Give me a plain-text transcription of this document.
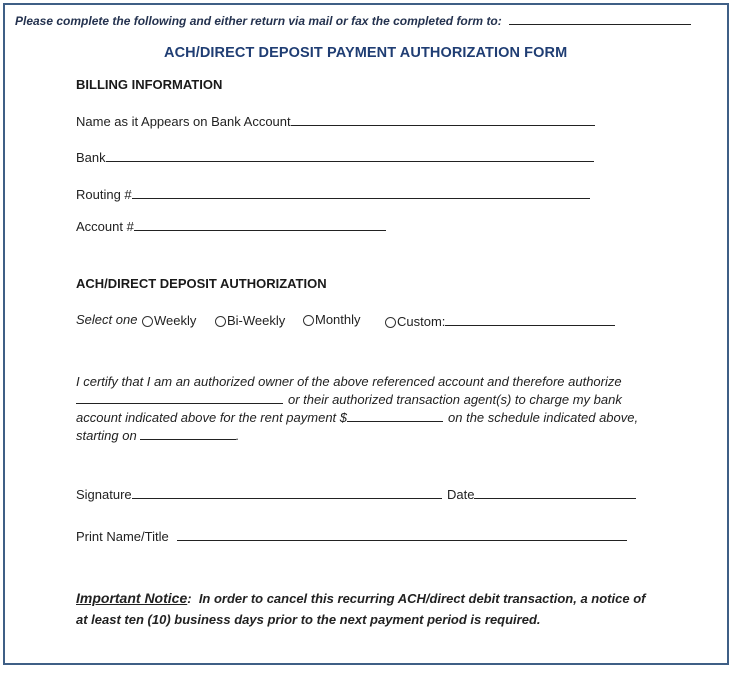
Please complete the following and either return via mail or fax the completed form to:
ACH/DIRECT DEPOSIT PAYMENT AUTHORIZATION FORM
BILLING INFORMATION
Name as it Appears on Bank Account
Bank
Routing #
Account #
ACH/DIRECT DEPOSIT AUTHORIZATION
Select one	Weekly	Bi-Weekly	Monthly	Custom:
I certify that I am an authorized owner of the above referenced account and therefore authorize
or their authorized transaction agent(s) to charge my bank
account indicated above for the rent payment $	on the schedule indicated above,
starting on	.
Signature	Date
Print Name/Title
Important Notice: In order to cancel this recurring ACH/direct debit transaction, a notice of
at least ten (10) business days prior to the next payment period is required.
